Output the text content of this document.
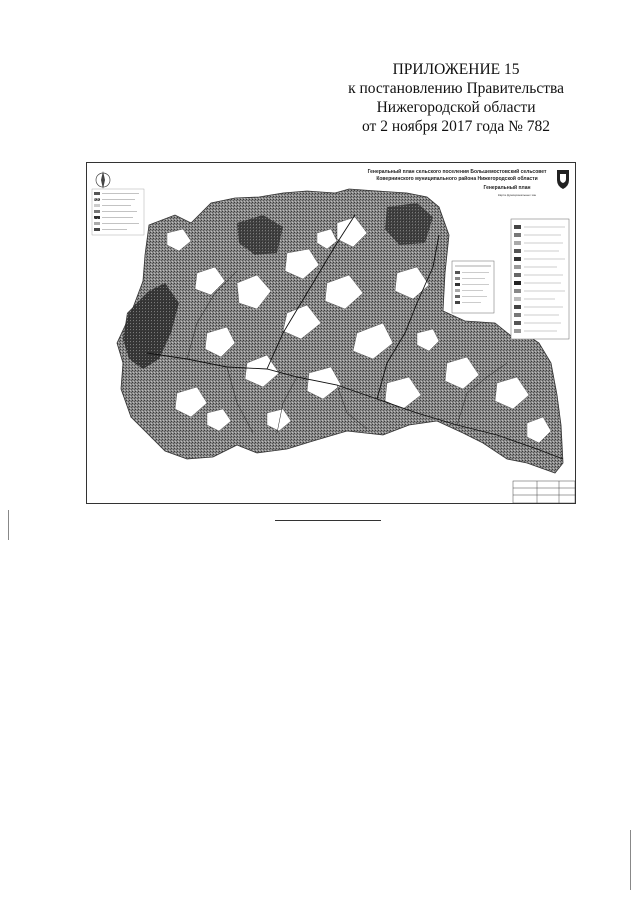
ПРИЛОЖЕНИЕ 15
к постановлению Правительства
Нижегородской области
от 2 ноября 2017 года № 782
Генеральный план сельского поселения Большемостовский сельсовет
Ковернинского муниципального района Нижегородской области
Генеральный план
Карта функциональных зон
